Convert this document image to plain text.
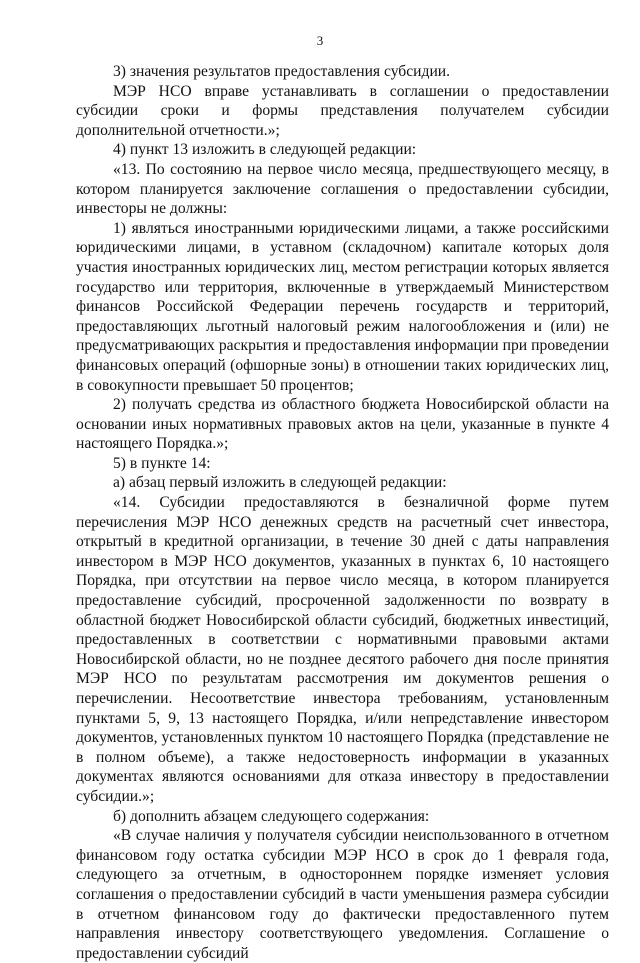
3

3) значения результатов предоставления субсидии.

МЭР НСО вправе устанавливать в соглашении о предоставлении субсидии сроки и формы представления получателем субсидии дополнительной отчетности.»;

4) пункт 13 изложить в следующей редакции:

«13. По состоянию на первое число месяца, предшествующего месяцу, в котором планируется заключение соглашения о предоставлении субсидии, инвесторы не должны:

1) являться иностранными юридическими лицами, а также российскими юридическими лицами, в уставном (складочном) капитале которых доля участия иностранных юридических лиц, местом регистрации которых является государство или территория, включенные в утверждаемый Министерством финансов Российской Федерации перечень государств и территорий, предоставляющих льготный налоговый режим налогообложения и (или) не предусматривающих раскрытия и предоставления информации при проведении финансовых операций (офшорные зоны) в отношении таких юридических лиц, в совокупности превышает 50 процентов;

2) получать средства из областного бюджета Новосибирской области на основании иных нормативных правовых актов на цели, указанные в пункте 4 настоящего Порядка.»;

5) в пункте 14:

а) абзац первый изложить в следующей редакции:

«14. Субсидии предоставляются в безналичной форме путем перечисления МЭР НСО денежных средств на расчетный счет инвестора, открытый в кредитной организации, в течение 30 дней с даты направления инвестором в МЭР НСО документов, указанных в пунктах 6, 10 настоящего Порядка, при отсутствии на первое число месяца, в котором планируется предоставление субсидий, просроченной задолженности по возврату в областной бюджет Новосибирской области субсидий, бюджетных инвестиций, предоставленных в соответствии с нормативными правовыми актами Новосибирской области, но не позднее десятого рабочего дня после принятия МЭР НСО по результатам рассмотрения им документов решения о перечислении. Несоответствие инвестора требованиям, установленным пунктами 5, 9, 13 настоящего Порядка, и/или непредставление инвестором документов, установленных пунктом 10 настоящего Порядка (представление не в полном объеме), а также недостоверность информации в указанных документах являются основаниями для отказа инвестору в предоставлении субсидии.»;

б) дополнить абзацем следующего содержания:

«В случае наличия у получателя субсидии неиспользованного в отчетном финансовом году остатка субсидии МЭР НСО в срок до 1 февраля года, следующего за отчетным, в одностороннем порядке изменяет условия соглашения о предоставлении субсидий в части уменьшения размера субсидии в отчетном финансовом году до фактически предоставленного путем направления инвестору соответствующего уведомления. Соглашение о предоставлении субсидий
